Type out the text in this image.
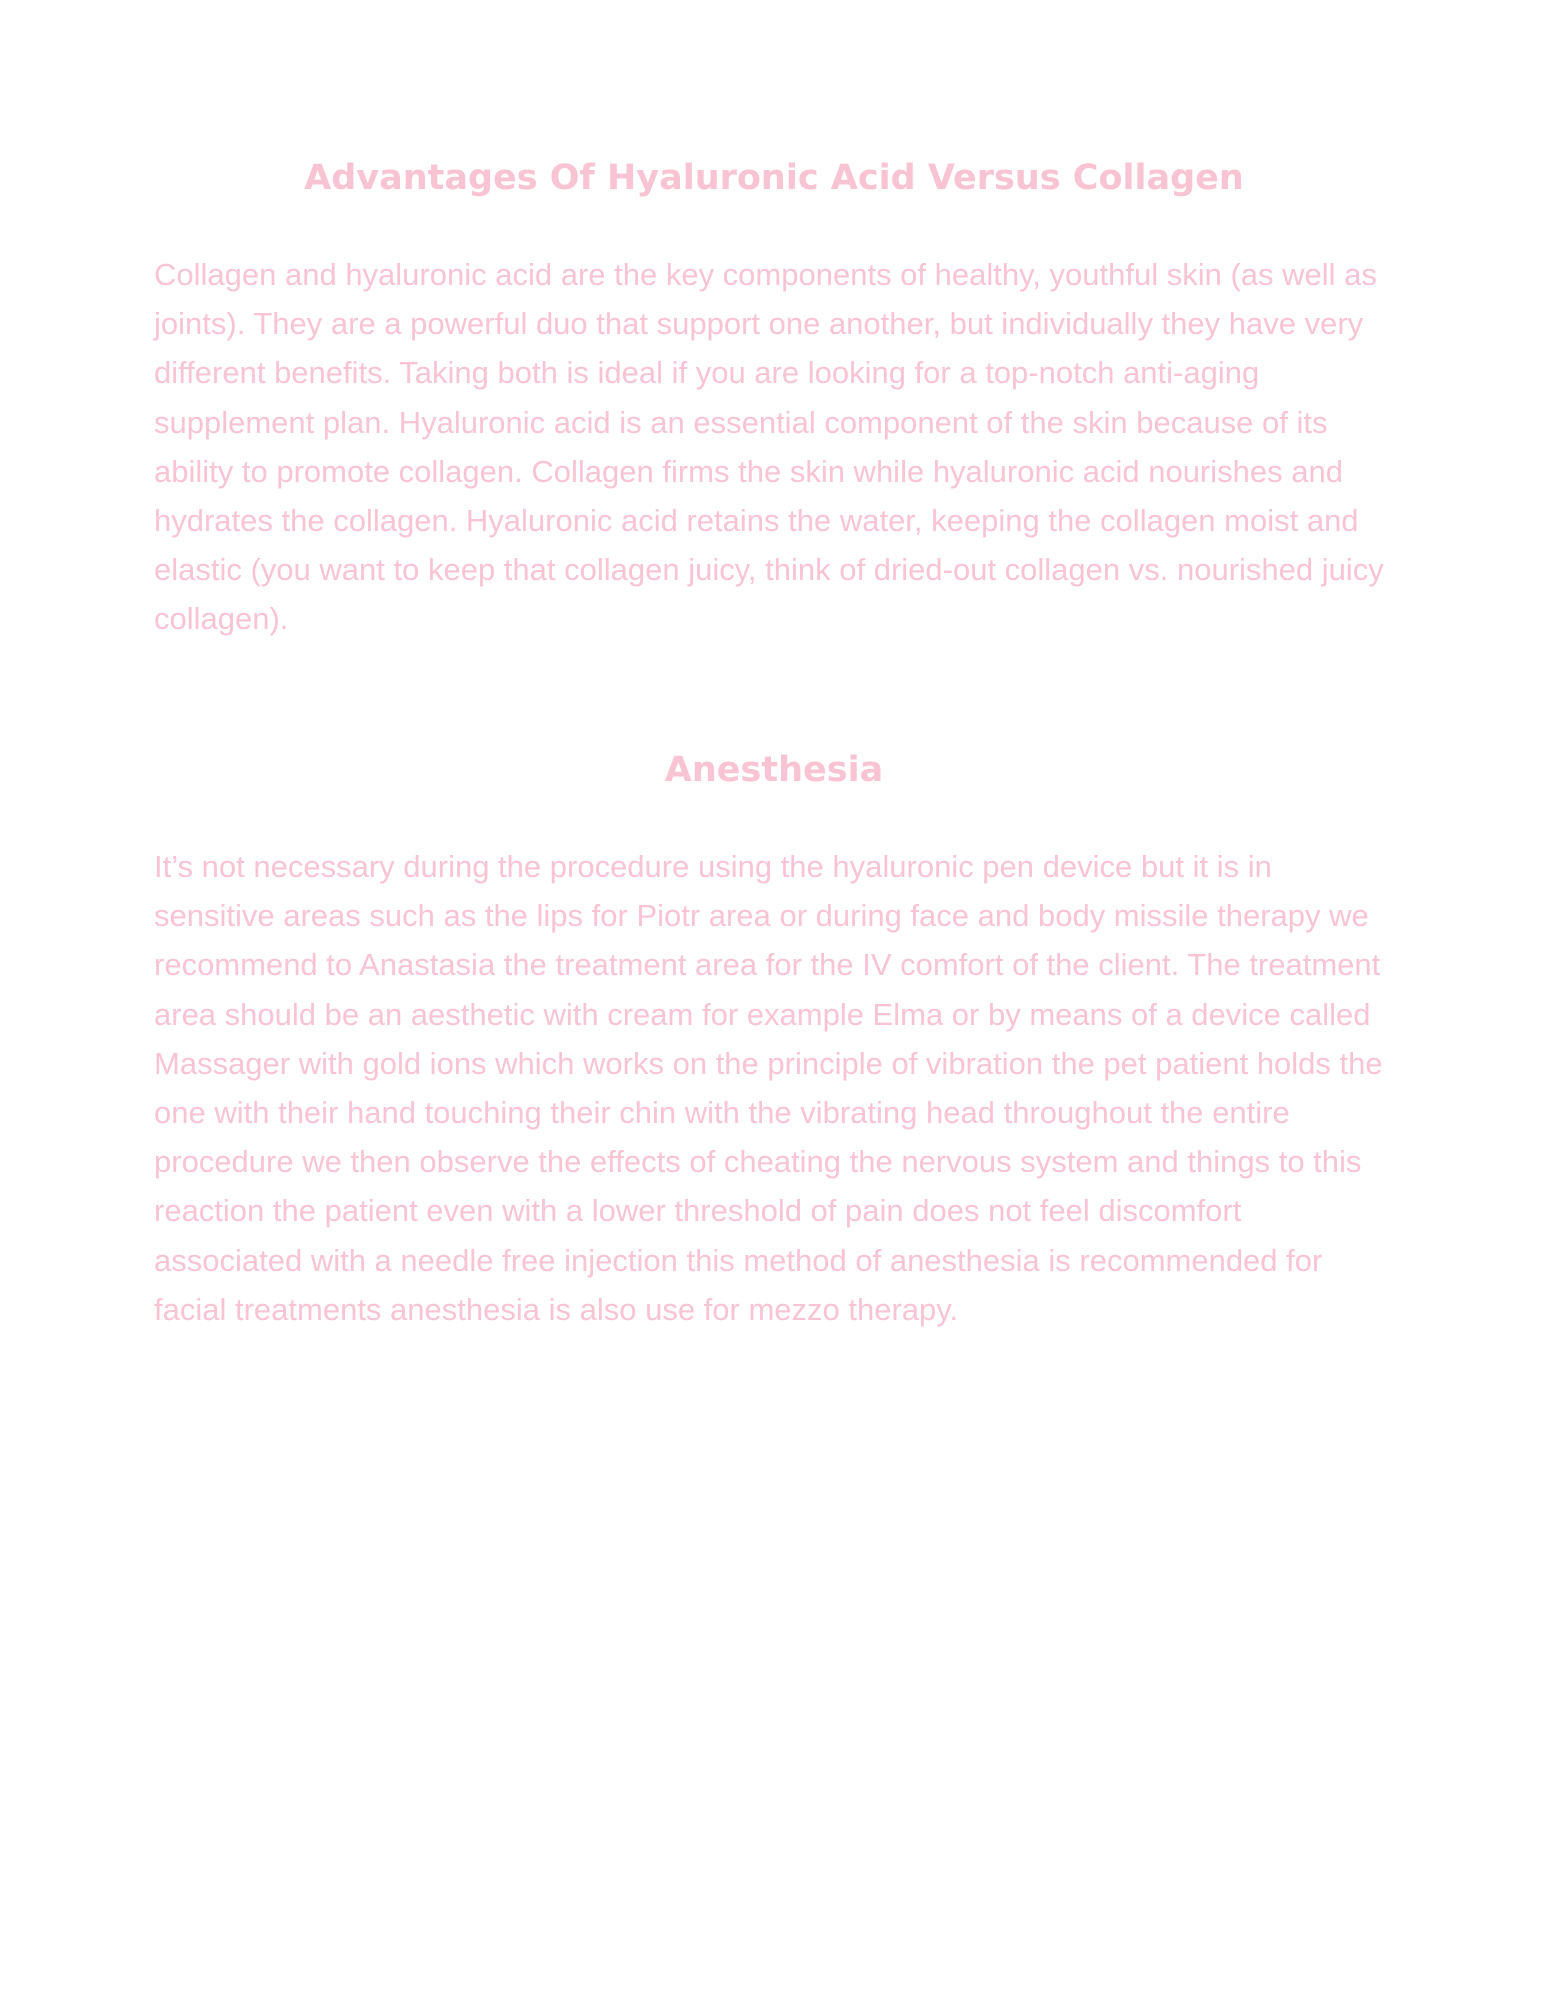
Advantages Of Hyaluronic Acid Versus Collagen

Collagen and hyaluronic acid are the key components of healthy, youthful skin (as well as joints). They are a powerful duo that support one another, but individually they have very different benefits. Taking both is ideal if you are looking for a top-notch anti-aging supplement plan. Hyaluronic acid is an essential component of the skin because of its ability to promote collagen. Collagen firms the skin while hyaluronic acid nourishes and hydrates the collagen. Hyaluronic acid retains the water, keeping the collagen moist and elastic (you want to keep that collagen juicy, think of dried-out collagen vs. nourished juicy collagen).

Anesthesia

It’s not necessary during the procedure using the hyaluronic pen device but it is in sensitive areas such as the lips for Piotr area or during face and body missile therapy we recommend to Anastasia the treatment area for the IV comfort of the client. The treatment area should be an aesthetic with cream for example Elma or by means of a device called Massager with gold ions which works on the principle of vibration the pet patient holds the one with their hand touching their chin with the vibrating head throughout the entire procedure we then observe the effects of cheating the nervous system and things to this reaction the patient even with a lower threshold of pain does not feel discomfort associated with a needle free injection this method of anesthesia is recommended for facial treatments anesthesia is also use for mezzo therapy.
